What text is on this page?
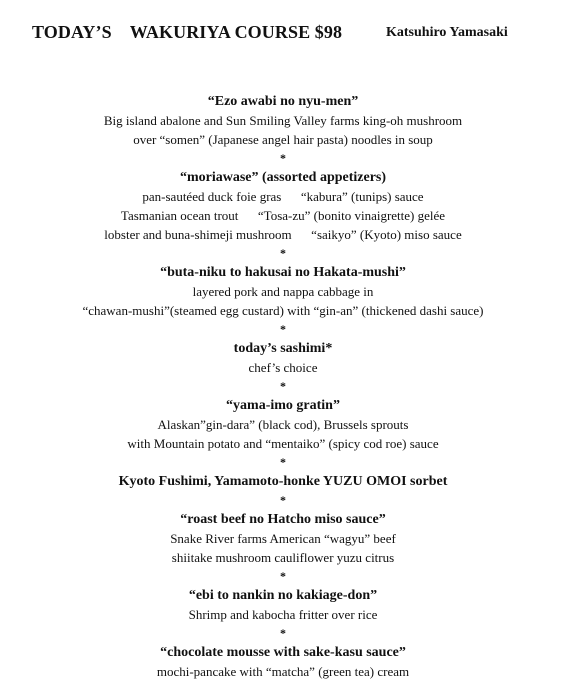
TODAY’S    WAKURIYA COURSE $98	Katsuhiro Yamasaki
“Ezo awabi no nyu-men”
Big island abalone and Sun Smiling Valley farms king-oh mushroom
over “somen” (Japanese angel hair pasta) noodles in soup
*
“moriawase” (assorted appetizers)
pan-sautéed duck foie gras      “kabura” (tunips) sauce
Tasmanian ocean trout      “Tosa-zu” (bonito vinaigrette) gelée
lobster and buna-shimeji mushroom      “saikyo” (Kyoto) miso sauce
*
“buta-niku to hakusai no Hakata-mushi”
layered pork and nappa cabbage in
“chawan-mushi”(steamed egg custard) with “gin-an” (thickened dashi sauce)
*
today’s sashimi*
chef’s choice
*
“yama-imo gratin”
Alaskan”gin-dara” (black cod), Brussels sprouts
with Mountain potato and “mentaiko” (spicy cod roe) sauce
*
Kyoto Fushimi, Yamamoto-honke YUZU OMOI sorbet
*
“roast beef no Hatcho miso sauce”
Snake River farms American “wagyu” beef
shiitake mushroom cauliflower yuzu citrus
*
“ebi to nankin no kakiage-don”
Shrimp and kabocha fritter over rice
*
“chocolate mousse with sake-kasu sauce”
mochi-pancake with “matcha” (green tea) cream
